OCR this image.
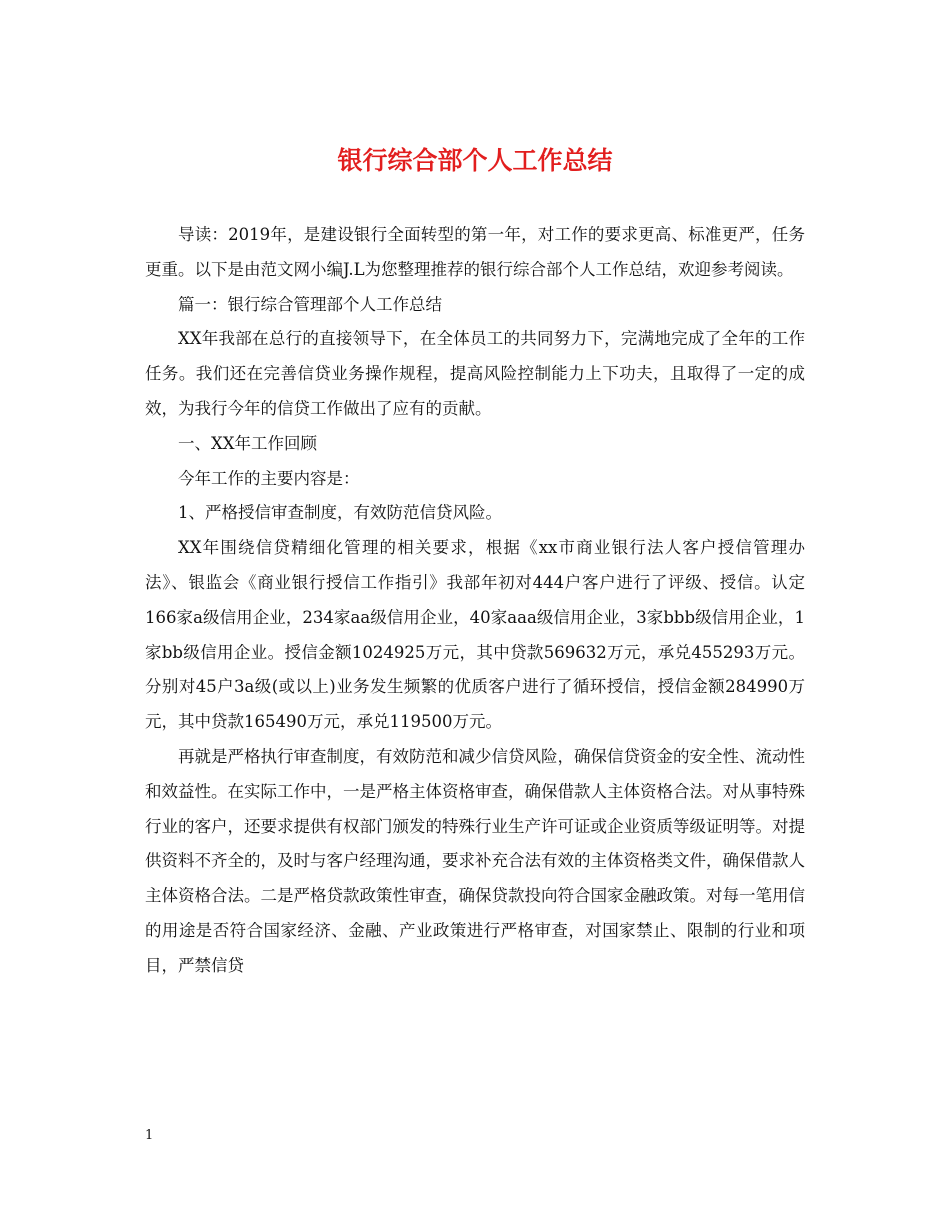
银行综合部个人工作总结

导读：2019年，是建设银行全面转型的第一年，对工作的要求更高、标准更严，任务更重。以下是由范文网小编J.L为您整理推荐的银行综合部个人工作总结，欢迎参考阅读。

篇一：银行综合管理部个人工作总结

XX年我部在总行的直接领导下，在全体员工的共同努力下，完满地完成了全年的工作任务。我们还在完善信贷业务操作规程，提高风险控制能力上下功夫，且取得了一定的成效，为我行今年的信贷工作做出了应有的贡献。

一、XX年工作回顾

今年工作的主要内容是：

1、严格授信审查制度，有效防范信贷风险。

XX年围绕信贷精细化管理的相关要求，根据《xx市商业银行法人客户授信管理办法》、银监会《商业银行授信工作指引》我部年初对444户客户进行了评级、授信。认定166家a级信用企业，234家aa级信用企业，40家aaa级信用企业，3家bbb级信用企业，1 家bb级信用企业。授信金额1024925万元，其中贷款569632万元，承兑455293万元。分别对45户3a级(或以上)业务发生频繁的优质客户进行了循环授信，授信金额284990万元，其中贷款165490万元，承兑119500万元。

再就是严格执行审查制度，有效防范和减少信贷风险，确保信贷资金的安全性、流动性和效益性。在实际工作中，一是严格主体资格审查，确保借款人主体资格合法。对从事特殊行业的客户，还要求提供有权部门颁发的特殊行业生产许可证或企业资质等级证明等。对提供资料不齐全的，及时与客户经理沟通，要求补充合法有效的主体资格类文件，确保借款人主体资格合法。二是严格贷款政策性审查，确保贷款投向符合国家金融政策。对每一笔用信的用途是否符合国家经济、金融、产业政策进行严格审查，对国家禁止、限制的行业和项目，严禁信贷

1
